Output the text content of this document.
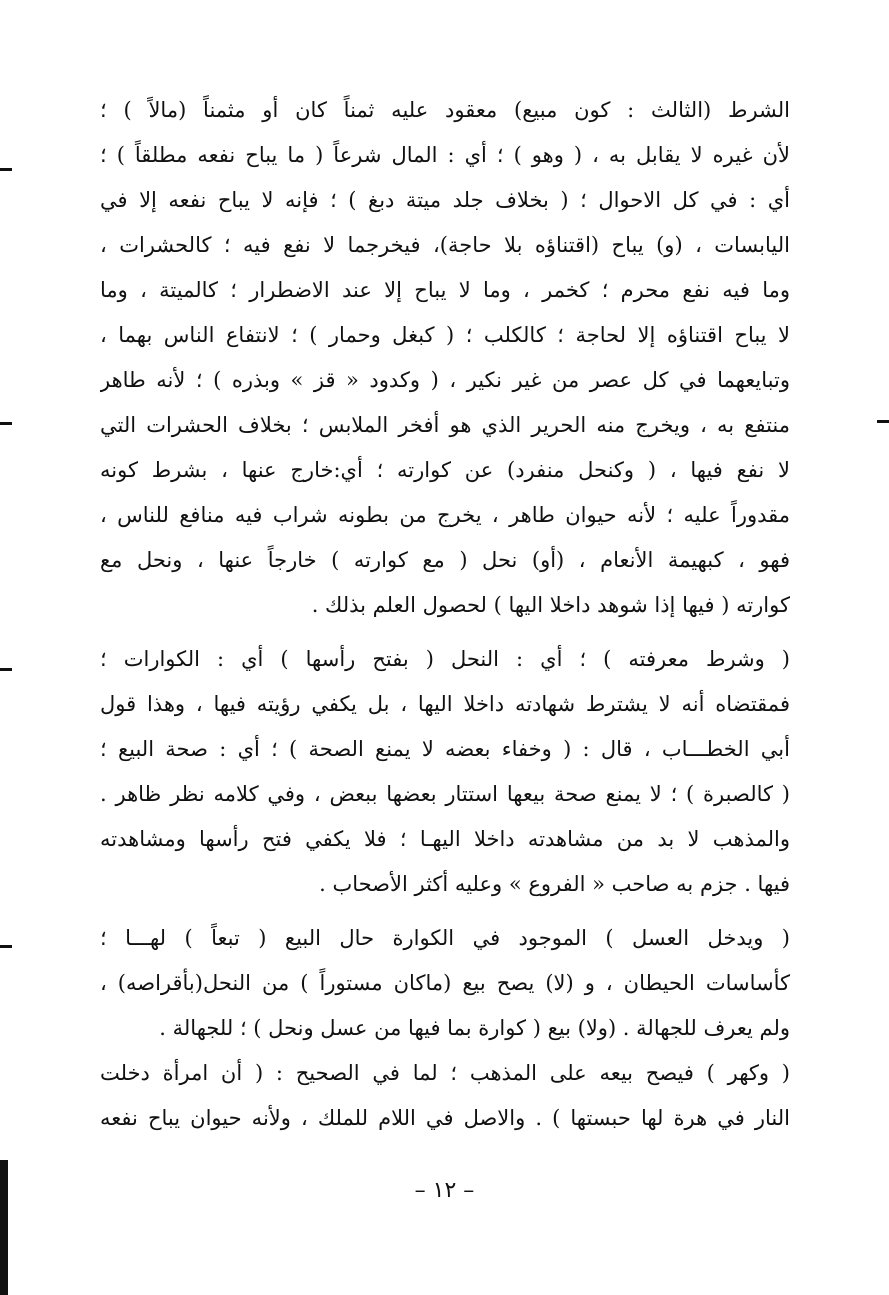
الشرط (الثالث : كون مبيع) معقود عليه ثمناً كان أو مثمناً (مالاً ) ؛
لأن غيره لا يقابل به ، ( وهو ) ؛ أي : المال شرعاً ( ما يباح نفعه مطلقاً ) ؛
أي : في كل الاحوال ؛ ( بخلاف جلد ميتة دبغ ) ؛ فإنه لا يباح نفعه إلا في
اليابسات ، (و) يباح (اقتناؤه بلا حاجة)، فيخرجما لا نفع فيه ؛ كالحشرات ،
وما فيه نفع محرم ؛ كخمر ، وما لا يباح إلا عند الاضطرار ؛ كالميتة ، وما
لا يباح اقتناؤه إلا لحاجة ؛ كالكلب ؛ ( كبغل وحمار ) ؛ لانتفاع الناس بهما ،
وتبايعهما في كل عصر من غير نكير ، ( وكدود « قز » وبذره ) ؛ لأنه طاهر
منتفع به ، ويخرج منه الحرير الذي هو أفخر الملابس ؛ بخلاف الحشرات التي
لا نفع فيها ، ( وكنحل منفرد) عن كوارته ؛ أي:خارج عنها ، بشرط كونه
مقدوراً عليه ؛ لأنه حيوان طاهر ، يخرج من بطونه شراب فيه منافع للناس ،
فهو ، كبهيمة الأنعام ، (أو) نحل ( مع كوارته ) خارجاً عنها ، ونحل مع
كوارته ( فيها إذا شوهد داخلا اليها ) لحصول العلم بذلك .
( وشرط معرفته ) ؛ أي : النحل ( بفتح رأسها ) أي : الكوارات ؛
فمقتضاه أنه لا يشترط شهادته داخلا اليها ، بل يكفي رؤيته فيها ، وهذا قول
أبي الخطـــاب ، قال : ( وخفاء بعضه لا يمنع الصحة ) ؛ أي : صحة البيع ؛
( كالصبرة ) ؛ لا يمنع صحة بيعها استتار بعضها ببعض ، وفي كلامه نظر ظاهر .
والمذهب لا بد من مشاهدته داخلا اليهـا ؛ فلا يكفي فتح رأسها ومشاهدته
فيها . جزم به صاحب « الفروع » وعليه أكثر الأصحاب .
( ويدخل العسل ) الموجود في الكوارة حال البيع ( تبعاً ) لهـــا ؛
كأساسات الحيطان ، و (لا) يصح بيع (ماكان مستوراً ) من النحل(بأقراصه) ،
ولم يعرف للجهالة . (ولا) بيع ( كوارة بما فيها من عسل ونحل ) ؛ للجهالة .
( وكهر ) فيصح بيعه على المذهب ؛ لما في الصحيح : ( أن امرأة دخلت
النار في هرة لها حبستها ) . والاصل في اللام للملك ، ولأنه حيوان يباح نفعه
– ١٢ –
